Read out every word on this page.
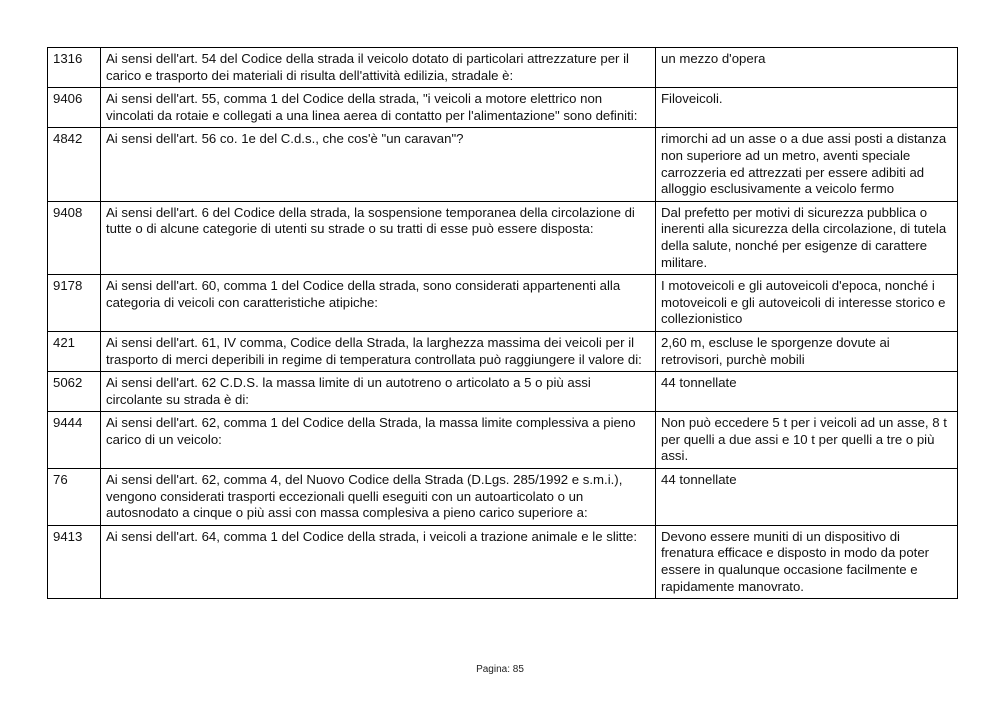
1316	Ai sensi dell'art. 54 del Codice della strada il veicolo dotato di particolari attrezzature per il carico e trasporto dei materiali di risulta dell'attività edilizia, stradale è:	un mezzo d'opera
9406	Ai sensi dell'art. 55, comma 1 del Codice della strada, "i veicoli a motore elettrico non vincolati da rotaie e collegati a una linea aerea di contatto per l'alimentazione" sono definiti:	Filoveicoli.
4842	Ai sensi dell'art. 56 co. 1e del C.d.s., che cos'è "un caravan"?	rimorchi ad un asse o a due assi posti a distanza non superiore ad un metro, aventi speciale carrozzeria ed attrezzati per essere adibiti ad alloggio esclusivamente a veicolo fermo
9408	Ai sensi dell'art. 6 del Codice della strada, la sospensione temporanea della circolazione di tutte o di alcune categorie di utenti su strade o su tratti di esse può essere disposta:	Dal prefetto per motivi di sicurezza pubblica o inerenti alla sicurezza della circolazione, di tutela della salute, nonché per esigenze di carattere militare.
9178	Ai sensi dell'art. 60, comma 1 del Codice della strada, sono considerati appartenenti alla categoria di veicoli con caratteristiche atipiche:	I motoveicoli e gli autoveicoli d'epoca, nonché i motoveicoli e gli autoveicoli di interesse storico e collezionistico
421	Ai sensi dell'art. 61, IV comma, Codice della Strada, la larghezza massima dei veicoli per il trasporto di merci deperibili in regime di temperatura controllata può raggiungere il valore di:	2,60 m, escluse le sporgenze dovute ai retrovisori, purchè mobili
5062	Ai sensi dell'art. 62 C.D.S. la massa limite di un autotreno o articolato a 5 o più assi circolante su strada è di:	44 tonnellate
9444	Ai sensi dell'art. 62, comma 1 del Codice della Strada, la massa limite complessiva a pieno carico di un veicolo:	Non può eccedere 5 t per i veicoli ad un asse, 8 t per quelli a due assi e 10 t per quelli a tre o più assi.
76	Ai sensi dell'art. 62, comma 4, del Nuovo Codice della Strada (D.Lgs. 285/1992 e s.m.i.), vengono considerati trasporti eccezionali quelli eseguiti con un autoarticolato o un autosnodato a cinque o più assi con massa complesiva a pieno carico superiore a:	44 tonnellate
9413	Ai sensi dell'art. 64, comma 1 del Codice della strada, i veicoli a trazione animale e le slitte:	Devono essere muniti di un dispositivo di frenatura efficace e disposto in modo da poter essere in qualunque occasione facilmente e rapidamente manovrato.
Pagina: 85
